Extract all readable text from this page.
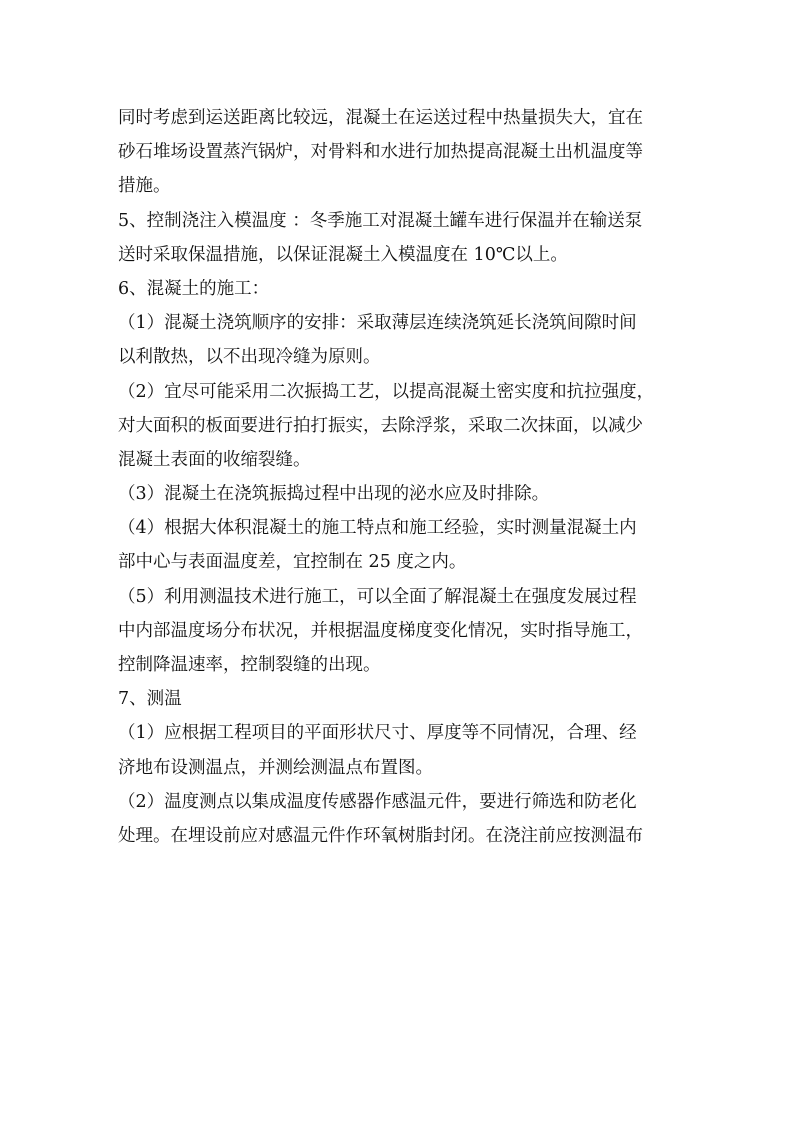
同时考虑到运送距离比较远，混凝土在运送过程中热量损失大，宜在
砂石堆场设置蒸汽锅炉，对骨料和水进行加热提高混凝土出机温度等
措施。
5、控制浇注入模温度 ：冬季施工对混凝土罐车进行保温并在输送泵
送时采取保温措施，以保证混凝土入模温度在 10℃以上。
6、混凝土的施工：
（1）混凝土浇筑顺序的安排：采取薄层连续浇筑延长浇筑间隙时间
以利散热，以不出现冷缝为原则。
（2）宜尽可能采用二次振捣工艺，以提高混凝土密实度和抗拉强度，
对大面积的板面要进行拍打振实，去除浮浆，采取二次抹面，以减少
混凝土表面的收缩裂缝。
（3）混凝土在浇筑振捣过程中出现的泌水应及时排除。
（4）根据大体积混凝土的施工特点和施工经验，实时测量混凝土内
部中心与表面温度差，宜控制在 25 度之内。
（5）利用测温技术进行施工，可以全面了解混凝土在强度发展过程
中内部温度场分布状况，并根据温度梯度变化情况，实时指导施工，
控制降温速率，控制裂缝的出现。
7、测温
（1）应根据工程项目的平面形状尺寸、厚度等不同情况，合理、经
济地布设测温点，并测绘测温点布置图。
（2）温度测点以集成温度传感器作感温元件，要进行筛选和防老化
处理。在埋设前应对感温元件作环氧树脂封闭。在浇注前应按测温布
